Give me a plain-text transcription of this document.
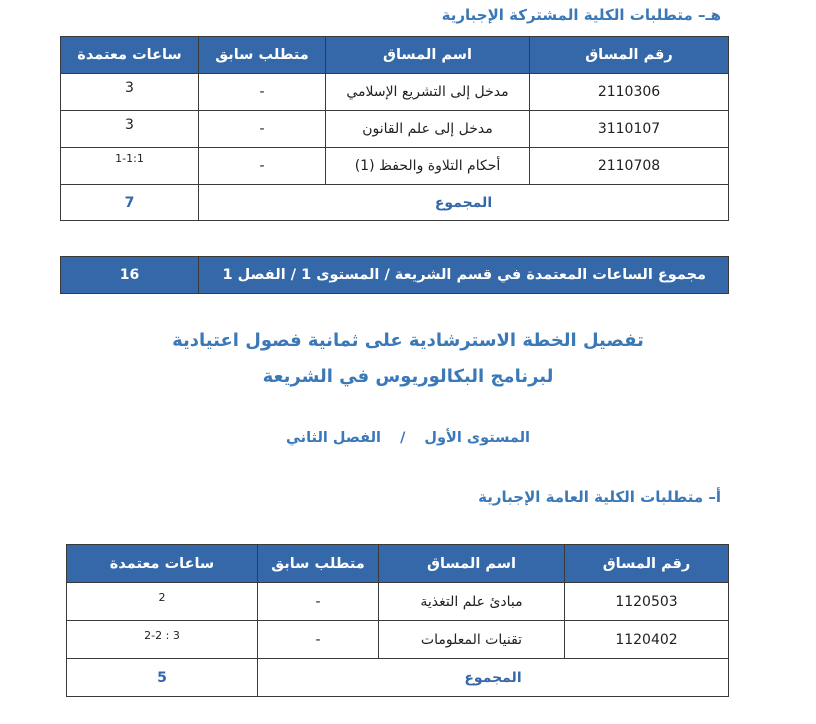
هـ– متطلبات الكلية المشتركة الإجبارية
رقم المساق	اسم المساق	متطلب سابق	ساعات معتمدة
2110306	مدخل إلى التشريع الإسلامي	-	3
3110107	مدخل إلى علم القانون	-	3
2110708	أحكام التلاوة والحفظ (1)	-	1-1:1
المجموع			7
مجموع الساعات المعتمدة في قسم الشريعة / المستوى 1 / الفصل 1	16
تفصيل الخطة الاسترشادية على ثمانية فصول اعتيادية
لبرنامج البكالوريوس في الشريعة
المستوى الأول / الفصل الثاني
أ– متطلبات الكلية العامة الإجبارية
رقم المساق	اسم المساق	متطلب سابق	ساعات معتمدة
1120503	مبادئ علم التغذية	-	2
1120402	تقنيات المعلومات	-	3 : 2-2
المجموع			5
